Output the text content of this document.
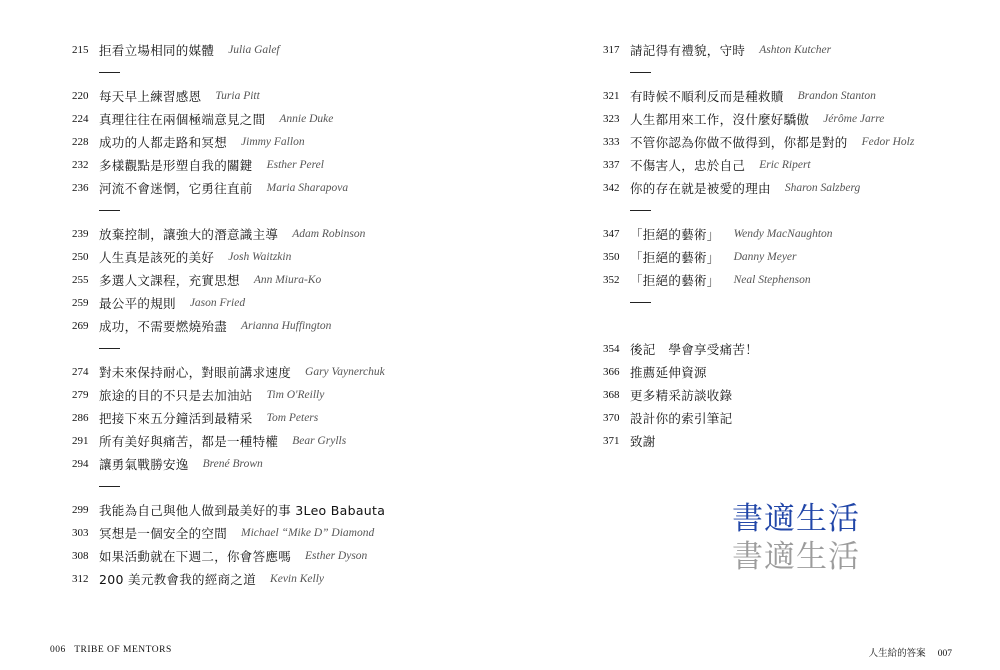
215 拒看立場相同的媒體 Julia Galef
220 每天早上練習感恩 Turia Pitt
224 真理往往在兩個極端意見之間 Annie Duke
228 成功的人都走路和冥想 Jimmy Fallon
232 多樣觀點是形塑自我的關鍵 Esther Perel
236 河流不會迷惘，它勇往直前 Maria Sharapova
239 放棄控制，讓強大的潛意識主導 Adam Robinson
250 人生真是該死的美好 Josh Waitzkin
255 多選人文課程，充實思想 Ann Miura-Ko
259 最公平的規則 Jason Fried
269 成功，不需要燃燒殆盡 Arianna Huffington
274 對未來保持耐心，對眼前講求速度 Gary Vaynerchuk
279 旅途的目的不只是去加油站 Tim O'Reilly
286 把接下來五分鐘活到最精采 Tom Peters
291 所有美好與痛苦，都是一種特權 Bear Grylls
294 讓勇氣戰勝安逸 Brené Brown
299 我能為自己與他人做到最美好的事 3Leo Babauta
303 冥想是一個安全的空間 Michael “Mike D” Diamond
308 如果活動就在下週二，你會答應嗎 Esther Dyson
312 200 美元教會我的經商之道 Kevin Kelly
317 請記得有禮貌，守時 Ashton Kutcher
321 有時候不順利反而是種救贖 Brandon Stanton
323 人生都用來工作，沒什麼好驕傲 Jérôme Jarre
333 不管你認為你做不做得到，你都是對的 Fedor Holz
337 不傷害人，忠於自己 Eric Ripert
342 你的存在就是被愛的理由 Sharon Salzberg
347 「拒絕的藝術」 Wendy MacNaughton
350 「拒絕的藝術」 Danny Meyer
352 「拒絕的藝術」 Neal Stephenson
354 後記　學會享受痛苦！
366 推薦延伸資源
368 更多精采訪談收錄
370 設計你的索引筆記
371 致謝
書適生活
書適生活
006 TRIBE OF MENTORS	人生給的答案 007
